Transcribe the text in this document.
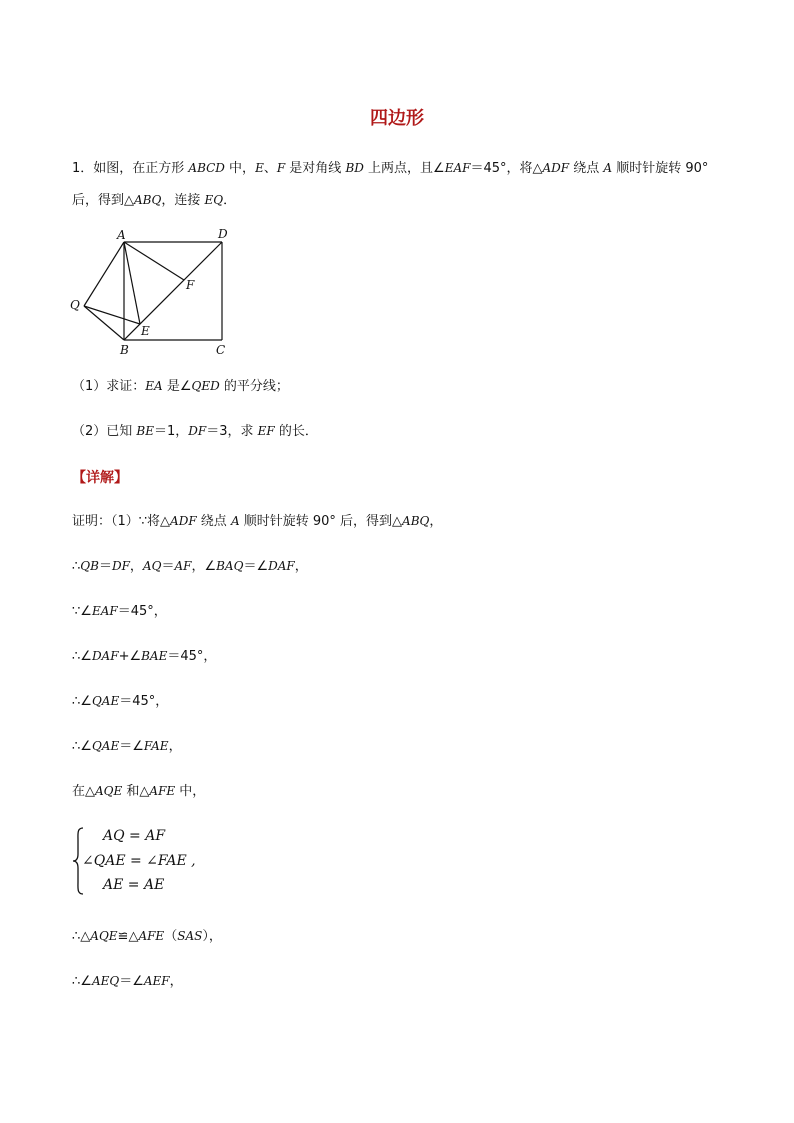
四边形
1．如图，在正方形 ABCD 中，E、F 是对角线 BD 上两点，且∠EAF＝45°，将△ADF 绕点 A 顺时针旋转 90°
后，得到△ABQ，连接 EQ．
A	D
Q
F
E
B	C
（1）求证：EA 是∠QED 的平分线；
（2）已知 BE＝1，DF＝3，求 EF 的长．
【详解】
证明：（1）∵将△ADF 绕点 A 顺时针旋转 90° 后，得到△ABQ，
∴QB＝DF，AQ＝AF，∠BAQ＝∠DAF，
∵∠EAF＝45°，
∴∠DAF+∠BAE＝45°，
∴∠QAE＝45°，
∴∠QAE＝∠FAE，
在△AQE 和△AFE 中，
AQ = AF
∠QAE = ∠FAE ,
AE = AE
∴△AQE≌△AFE（SAS），
∴∠AEQ＝∠AEF，
